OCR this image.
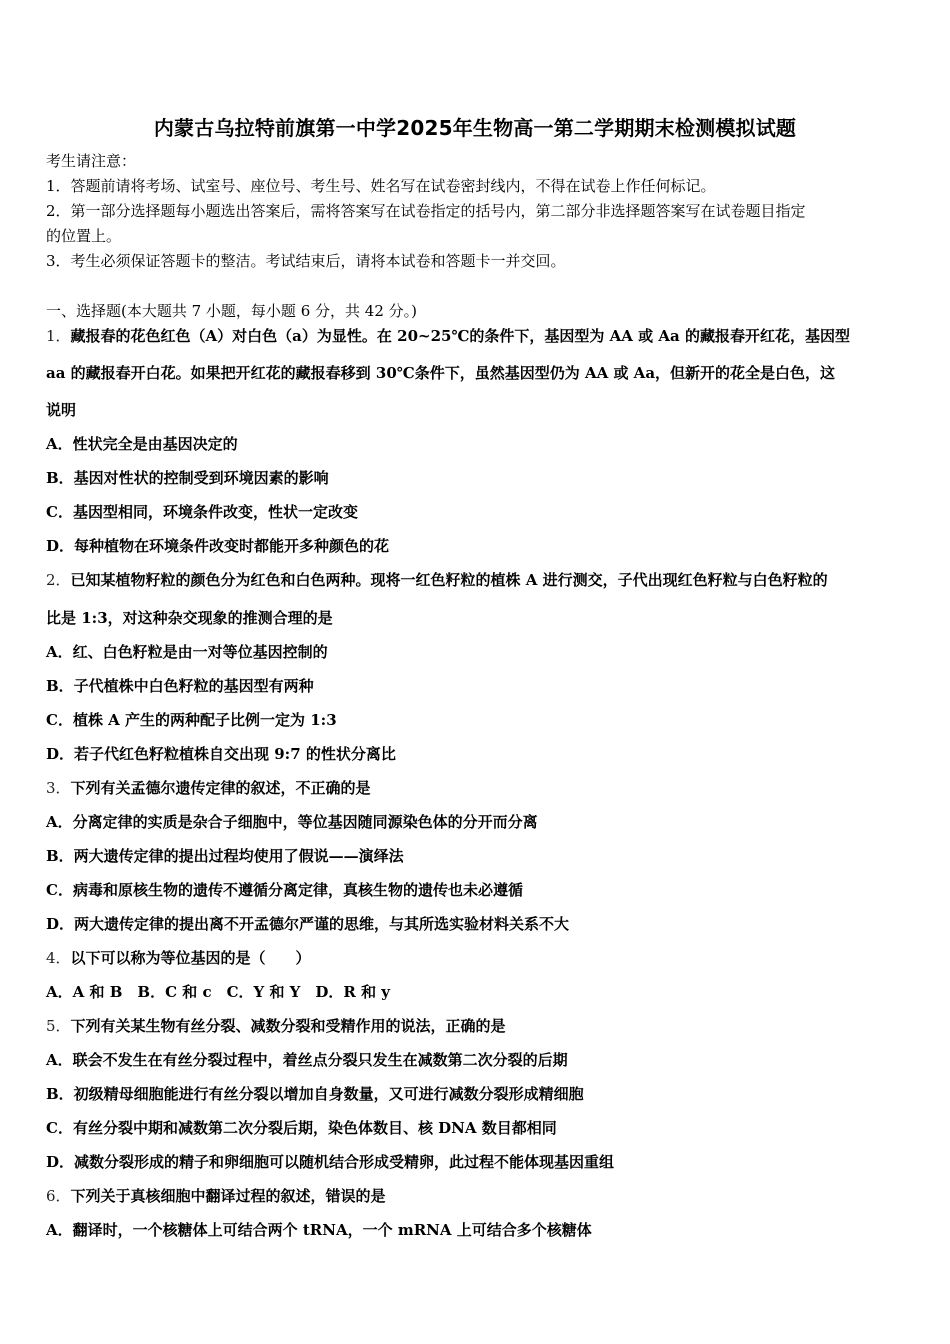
内蒙古乌拉特前旗第一中学2025年生物高一第二学期期末检测模拟试题
考生请注意：
1．答题前请将考场、试室号、座位号、考生号、姓名写在试卷密封线内，不得在试卷上作任何标记。
2．第一部分选择题每小题选出答案后，需将答案写在试卷指定的括号内，第二部分非选择题答案写在试卷题目指定
的位置上。
3．考生必须保证答题卡的整洁。考试结束后，请将本试卷和答题卡一并交回。
一、选择题(本大题共 7 小题，每小题 6 分，共 42 分。)
1．藏报春的花色红色（A）对白色（a）为显性。在 20~25℃的条件下，基因型为 AA 或 Aa 的藏报春开红花，基因型
aa 的藏报春开白花。如果把开红花的藏报春移到 30℃条件下，虽然基因型仍为 AA 或 Aa，但新开的花全是白色，这
说明
A．性状完全是由基因决定的
B．基因对性状的控制受到环境因素的影响
C．基因型相同，环境条件改变，性状一定改变
D．每种植物在环境条件改变时都能开多种颜色的花
2．已知某植物籽粒的颜色分为红色和白色两种。现将一红色籽粒的植株 A 进行测交，子代出现红色籽粒与白色籽粒的
比是 1:3，对这种杂交现象的推测合理的是
A．红、白色籽粒是由一对等位基因控制的
B．子代植株中白色籽粒的基因型有两种
C．植株 A 产生的两种配子比例一定为 1:3
D．若子代红色籽粒植株自交出现 9:7 的性状分离比
3．下列有关孟德尔遗传定律的叙述，不正确的是
A．分离定律的实质是杂合子细胞中，等位基因随同源染色体的分开而分离
B．两大遗传定律的提出过程均使用了假说——演绎法
C．病毒和原核生物的遗传不遵循分离定律，真核生物的遗传也未必遵循
D．两大遗传定律的提出离不开孟德尔严谨的思维，与其所选实验材料关系不大
4．以下可以称为等位基因的是（　　）
A．A 和 B　B．C 和 c　C．Y 和 Y　D．R 和 y
5．下列有关某生物有丝分裂、减数分裂和受精作用的说法，正确的是
A．联会不发生在有丝分裂过程中，着丝点分裂只发生在减数第二次分裂的后期
B．初级精母细胞能进行有丝分裂以增加自身数量，又可进行减数分裂形成精细胞
C．有丝分裂中期和减数第二次分裂后期，染色体数目、核 DNA 数目都相同
D．减数分裂形成的精子和卵细胞可以随机结合形成受精卵，此过程不能体现基因重组
6．下列关于真核细胞中翻译过程的叙述，错误的是
A．翻译时，一个核糖体上可结合两个 tRNA，一个 mRNA 上可结合多个核糖体
